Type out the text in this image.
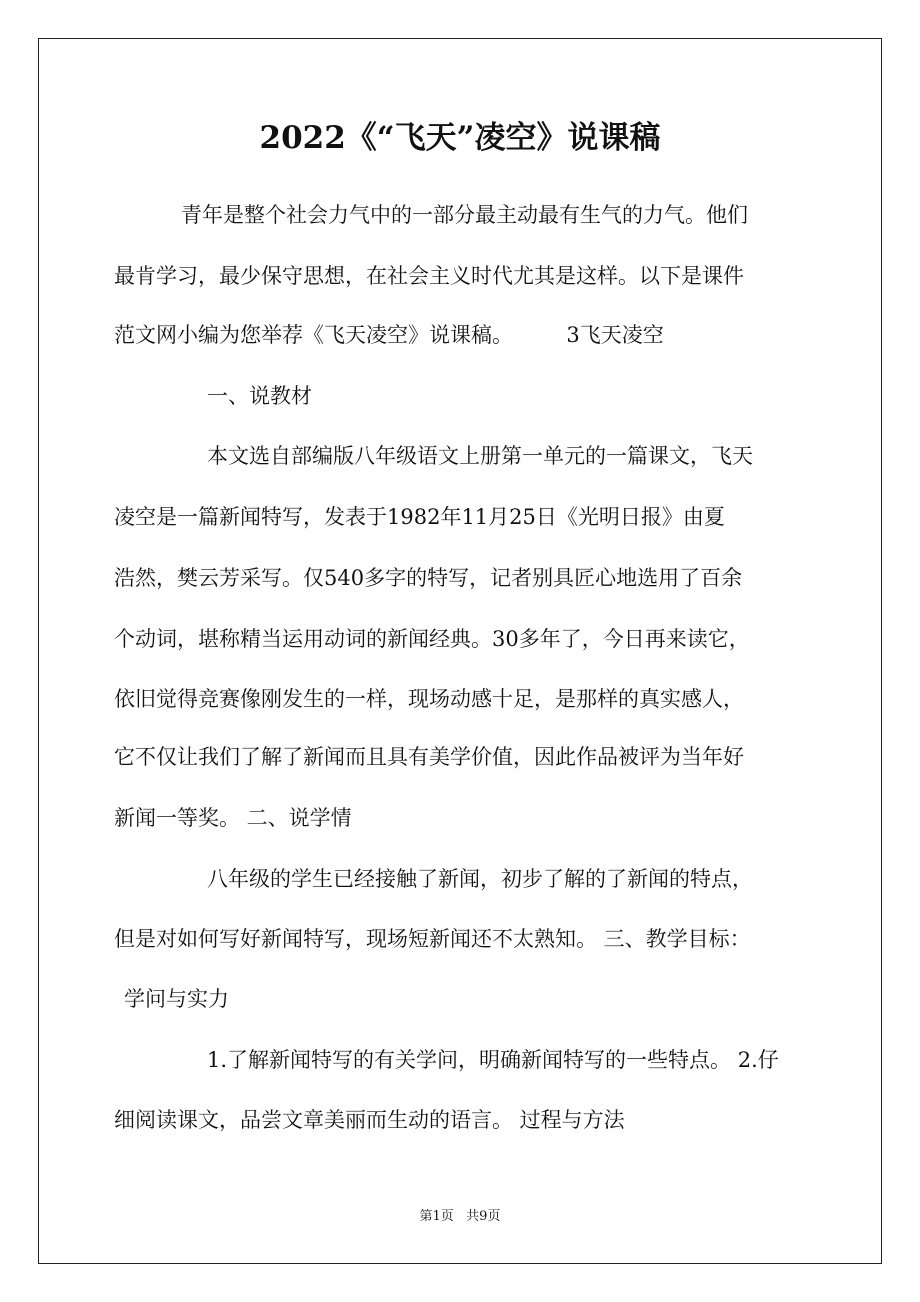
2022《“飞天”凌空》说课稿
青年是整个社会力气中的一部分最主动最有生气的力气。他们
最肯学习，最少保守思想，在社会主义时代尤其是这样。以下是课件
范文网小编为您举荐《飞天凌空》说课稿。        3飞天凌空
一、说教材
本文选自部编版八年级语文上册第一单元的一篇课文，飞天
凌空是一篇新闻特写，发表于1982年11月25日《光明日报》由夏
浩然，樊云芳采写。仅540多字的特写，记者别具匠心地选用了百余
个动词，堪称精当运用动词的新闻经典。30多年了，今日再来读它，
依旧觉得竞赛像刚发生的一样，现场动感十足，是那样的真实感人，
它不仅让我们了解了新闻而且具有美学价值，因此作品被评为当年好
新闻一等奖。 二、说学情
八年级的学生已经接触了新闻，初步了解的了新闻的特点，
但是对如何写好新闻特写，现场短新闻还不太熟知。 三、教学目标：
学问与实力
1.了解新闻特写的有关学问，明确新闻特写的一些特点。 2.仔
细阅读课文，品尝文章美丽而生动的语言。 过程与方法
第1页   共9页
